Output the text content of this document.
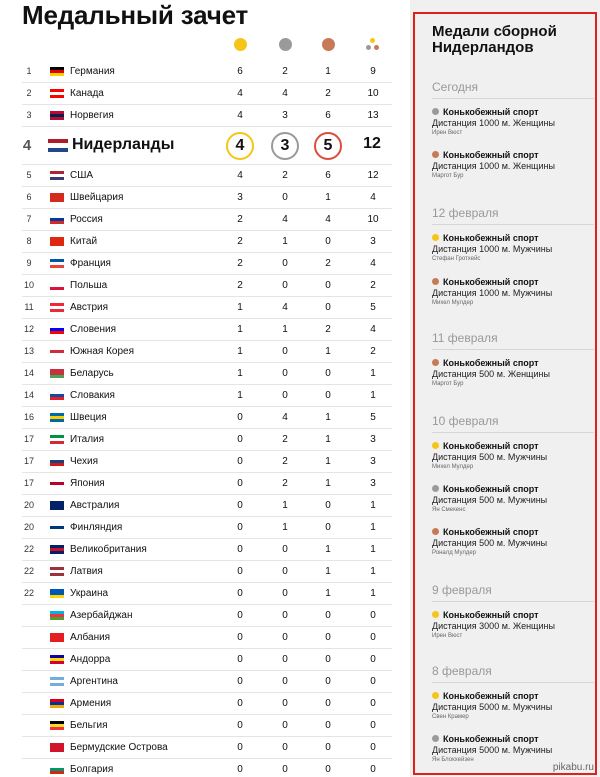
Медальный зачет
1	Германия	6	2	1	9
2	Канада	4	4	2	10
3	Норвегия	4	3	6	13
4	Нидерланды	4	3	5	12
5	США	4	2	6	12
6	Швейцария	3	0	1	4
7	Россия	2	4	4	10
8	Китай	2	1	0	3
9	Франция	2	0	2	4
10	Польша	2	0	0	2
11	Австрия	1	4	0	5
12	Словения	1	1	2	4
13	Южная Корея	1	0	1	2
14	Беларусь	1	0	0	1
14	Словакия	1	0	0	1
16	Швеция	0	4	1	5
17	Италия	0	2	1	3
17	Чехия	0	2	1	3
17	Япония	0	2	1	3
20	Австралия	0	1	0	1
20	Финляндия	0	1	0	1
22	Великобритания	0	0	1	1
22	Латвия	0	0	1	1
22	Украина	0	0	1	1
Азербайджан	0	0	0	0
Албания	0	0	0	0
Андорра	0	0	0	0
Аргентина	0	0	0	0
Армения	0	0	0	0
Бельгия	0	0	0	0
Бермудские Острова	0	0	0	0
Болгария	0	0	0	0
Медали сборной Нидерландов
Сегодня
Конькобежный спорт
Дистанция 1000 м. Женщины
Ирен Вюст
Конькобежный спорт
Дистанция 1000 м. Женщины
Маргот Бур
12 февраля
Конькобежный спорт
Дистанция 1000 м. Мужчины
Стефан Гротхейс
Конькобежный спорт
Дистанция 1000 м. Мужчины
Михел Мулдер
11 февраля
Конькобежный спорт
Дистанция 500 м. Женщины
Маргот Бур
10 февраля
Конькобежный спорт
Дистанция 500 м. Мужчины
Михел Мулдер
Конькобежный спорт
Дистанция 500 м. Мужчины
Ян Смекенс
Конькобежный спорт
Дистанция 500 м. Мужчины
Роналд Мулдер
9 февраля
Конькобежный спорт
Дистанция 3000 м. Женщины
Ирен Вюст
8 февраля
Конькобежный спорт
Дистанция 5000 м. Мужчины
Свен Крамер
Конькобежный спорт
Дистанция 5000 м. Мужчины
Ян Блокхейзен
pikabu.ru
